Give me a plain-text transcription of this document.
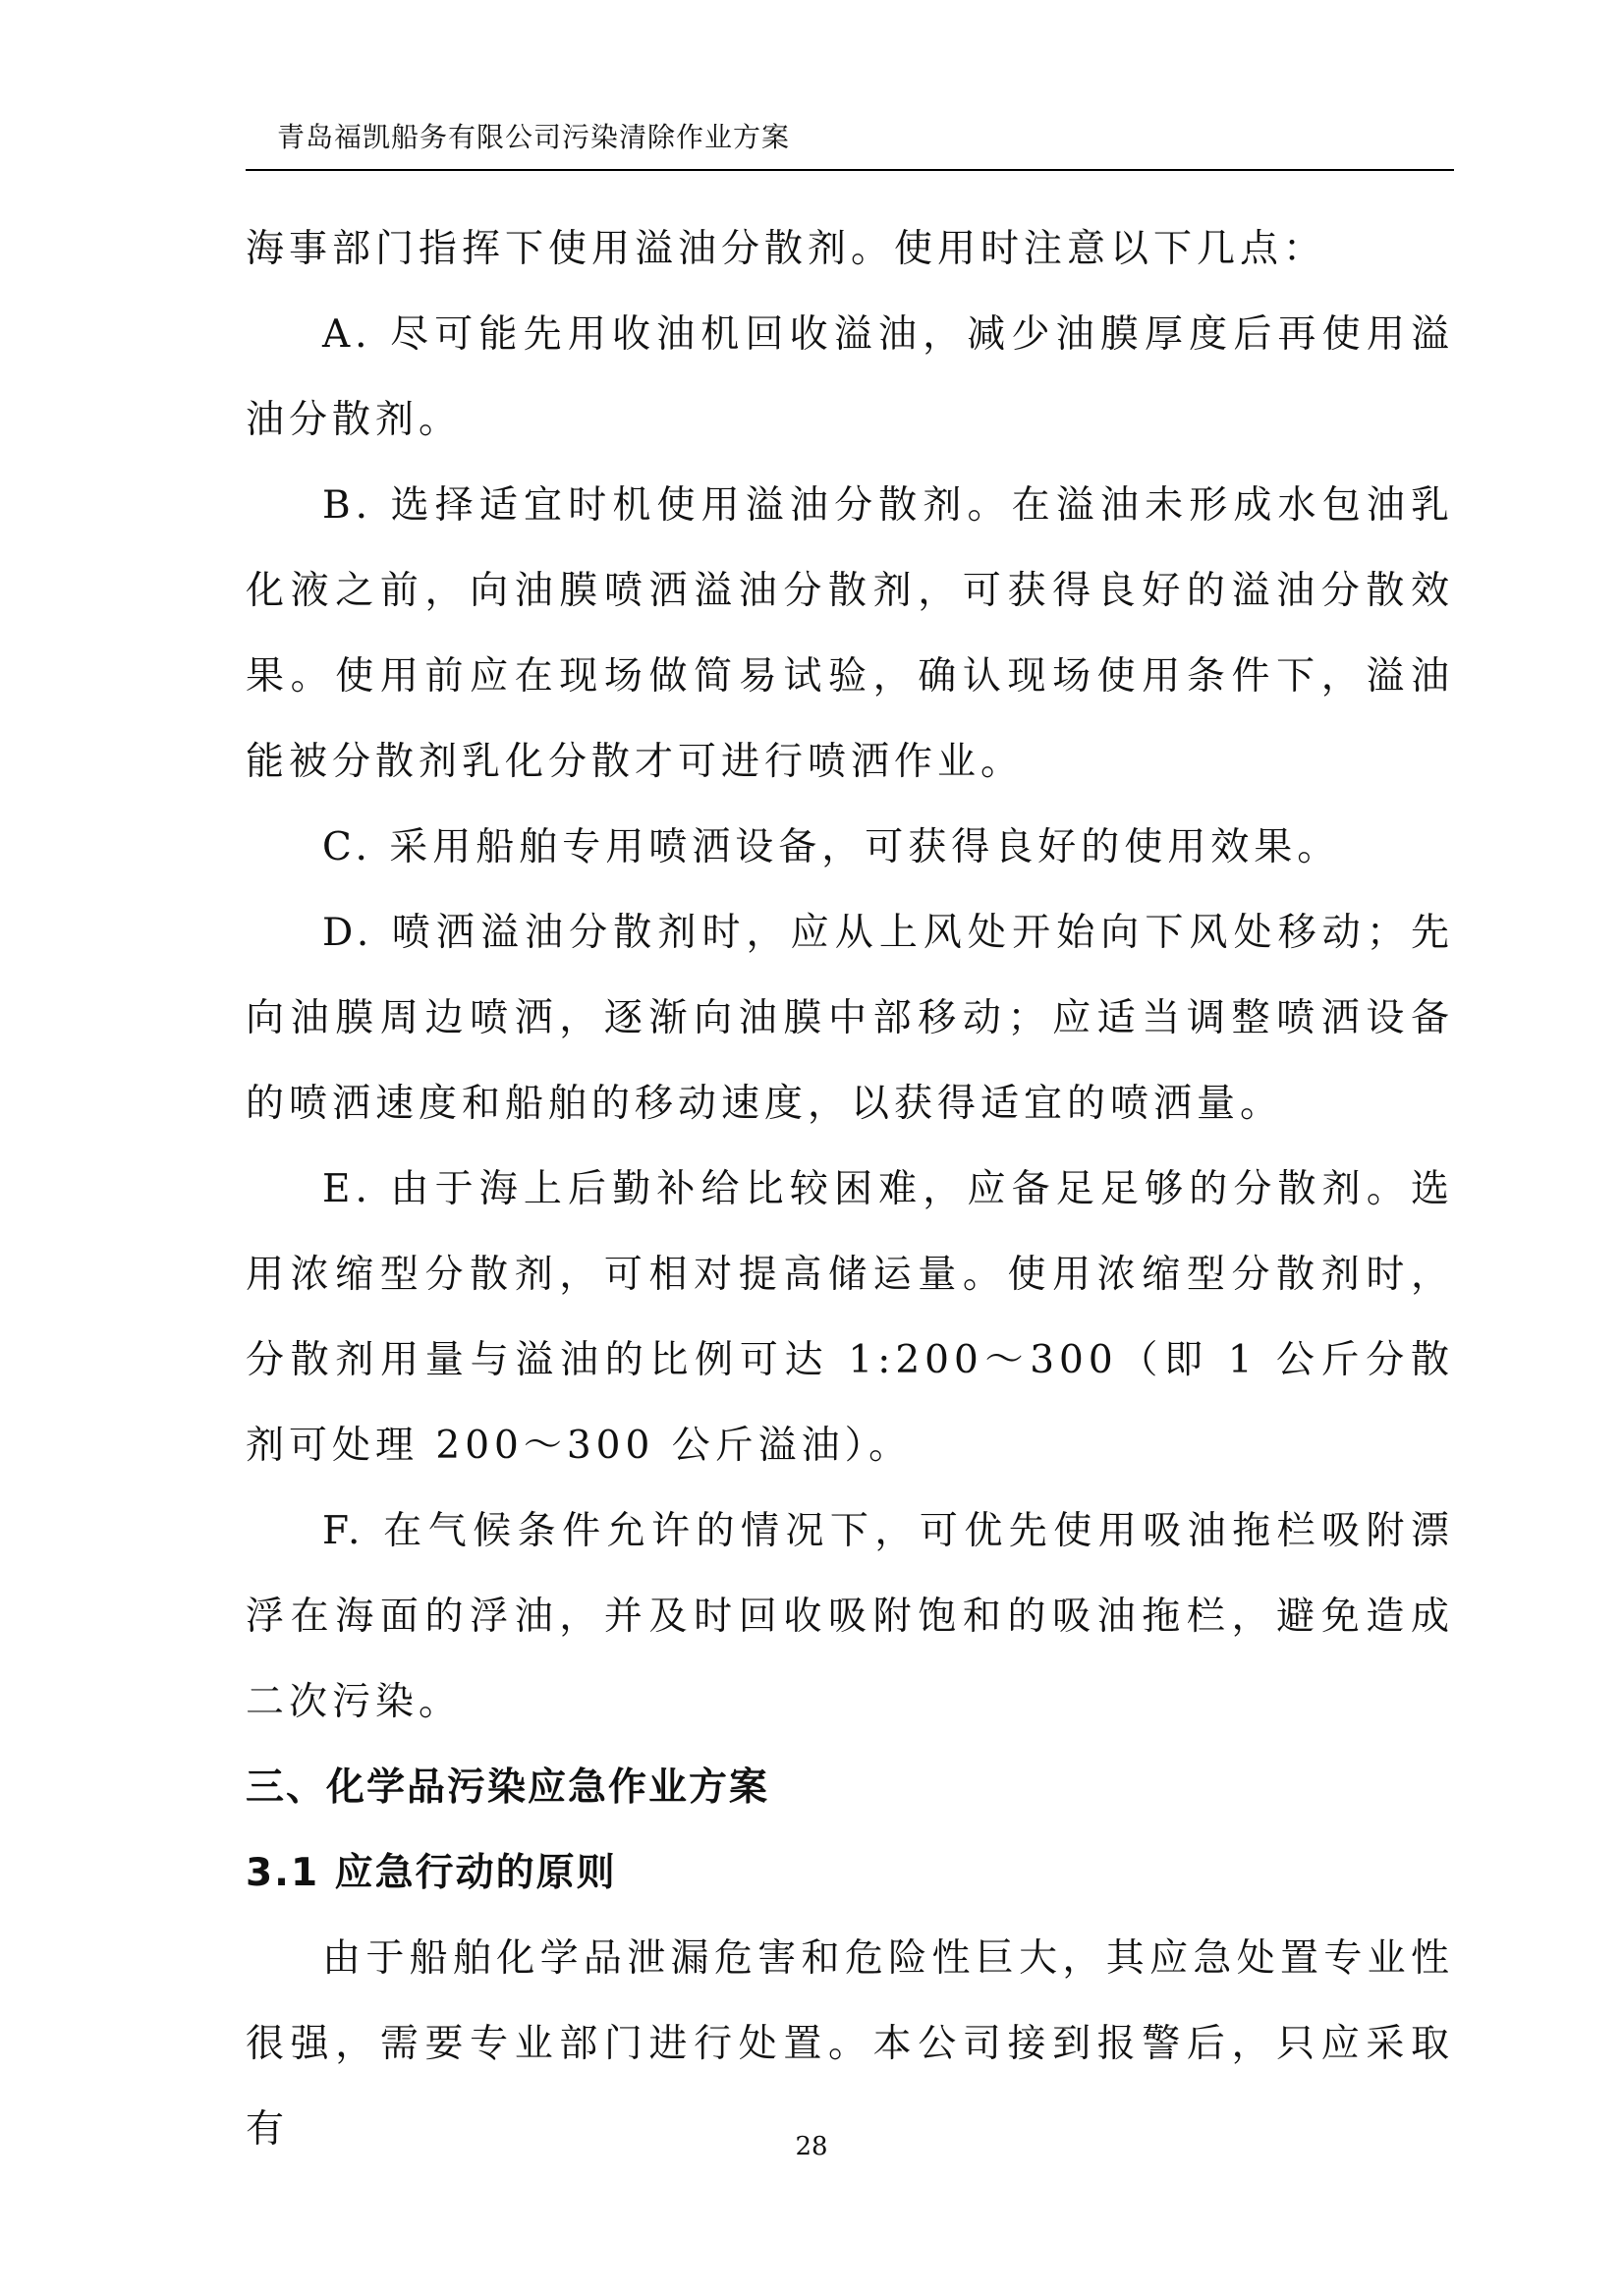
青岛福凯船务有限公司污染清除作业方案

海事部门指挥下使用溢油分散剂。使用时注意以下几点：

A. 尽可能先用收油机回收溢油，减少油膜厚度后再使用溢油分散剂。

B. 选择适宜时机使用溢油分散剂。在溢油未形成水包油乳化液之前，向油膜喷洒溢油分散剂，可获得良好的溢油分散效果。使用前应在现场做简易试验，确认现场使用条件下，溢油能被分散剂乳化分散才可进行喷洒作业。

C. 采用船舶专用喷洒设备，可获得良好的使用效果。

D. 喷洒溢油分散剂时，应从上风处开始向下风处移动；先向油膜周边喷洒，逐渐向油膜中部移动；应适当调整喷洒设备的喷洒速度和船舶的移动速度，以获得适宜的喷洒量。

E. 由于海上后勤补给比较困难，应备足足够的分散剂。选用浓缩型分散剂，可相对提高储运量。使用浓缩型分散剂时，分散剂用量与溢油的比例可达 1:200～300（即 1 公斤分散剂可处理 200～300 公斤溢油）。

F. 在气候条件允许的情况下，可优先使用吸油拖栏吸附漂浮在海面的浮油，并及时回收吸附饱和的吸油拖栏，避免造成二次污染。

三、化学品污染应急作业方案
3.1 应急行动的原则

由于船舶化学品泄漏危害和危险性巨大，其应急处置专业性很强，需要专业部门进行处置。本公司接到报警后，只应采取有	28
